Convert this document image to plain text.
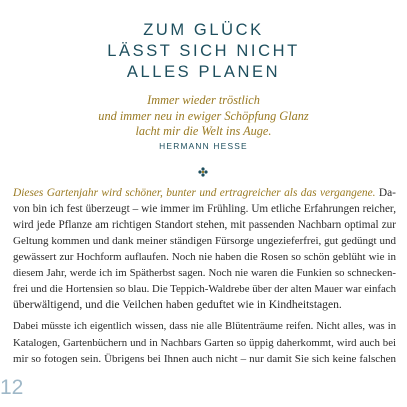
ZUM GLÜCK
LÄSST SICH NICHT
ALLES PLANEN
Immer wieder tröstlich
und immer neu in ewiger Schöpfung Glanz
lacht mir die Welt ins Auge.
HERMANN HESSE
Dieses Gartenjahr wird schöner, bunter und ertragreicher als das vergangene. Da-
von bin ich fest überzeugt – wie immer im Frühling. Um etliche Erfahrungen reicher,
wird jede Pflanze am richtigen Standort stehen, mit passenden Nachbarn optimal zur
Geltung kommen und dank meiner ständigen Fürsorge ungezieferfrei, gut gedüngt und
gewässert zur Hochform auflaufen. Noch nie haben die Rosen so schön geblüht wie in
diesem Jahr, werde ich im Spätherbst sagen. Noch nie waren die Funkien so schnecken-
frei und die Hortensien so blau. Die Teppich-Waldrebe über der alten Mauer war einfach
überwältigend, und die Veilchen haben geduftet wie in Kindheitstagen.
Dabei müsste ich eigentlich wissen, dass nie alle Blütenträume reifen. Nicht alles, was in
Katalogen, Gartenbüchern und in Nachbars Garten so üppig daherkommt, wird auch bei
mir so fotogen sein. Übrigens bei Ihnen auch nicht – nur damit Sie sich keine falschen
12
